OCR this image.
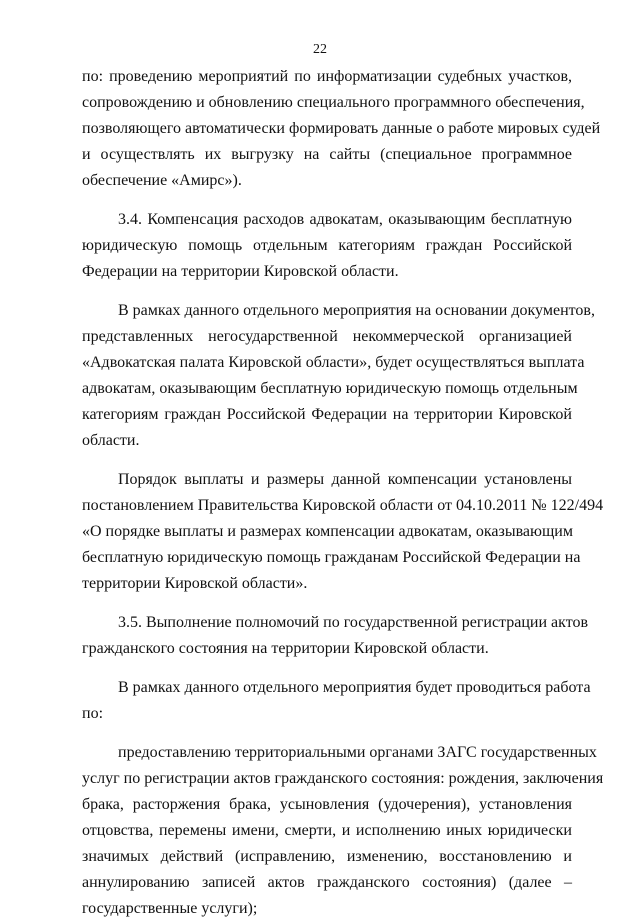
22
по: проведению мероприятий по информатизации судебных участков,
сопровождению и обновлению специального программного обеспечения,
позволяющего автоматически формировать данные о работе мировых судей
и осуществлять их выгрузку на сайты (специальное программное
обеспечение «Амирс»).
3.4. Компенсация расходов адвокатам, оказывающим бесплатную
юридическую помощь отдельным категориям граждан Российской
Федерации на территории Кировской области.
В рамках данного отдельного мероприятия на основании документов,
представленных негосударственной некоммерческой организацией
«Адвокатская палата Кировской области», будет осуществляться выплата
адвокатам, оказывающим бесплатную юридическую помощь отдельным
категориям граждан Российской Федерации на территории Кировской
области.
Порядок выплаты и размеры данной компенсации установлены
постановлением Правительства Кировской области от 04.10.2011 № 122/494
«О порядке выплаты и размерах компенсации адвокатам, оказывающим
бесплатную юридическую помощь гражданам Российской Федерации на
территории Кировской области».
3.5. Выполнение полномочий по государственной регистрации актов
гражданского состояния на территории Кировской области.
В рамках данного отдельного мероприятия будет проводиться работа
по:
предоставлению территориальными органами ЗАГС государственных
услуг по регистрации актов гражданского состояния: рождения, заключения
брака, расторжения брака, усыновления (удочерения), установления
отцовства, перемены имени, смерти, и исполнению иных юридически
значимых действий (исправлению, изменению, восстановлению и
аннулированию записей актов гражданского состояния) (далее –
государственные услуги);
